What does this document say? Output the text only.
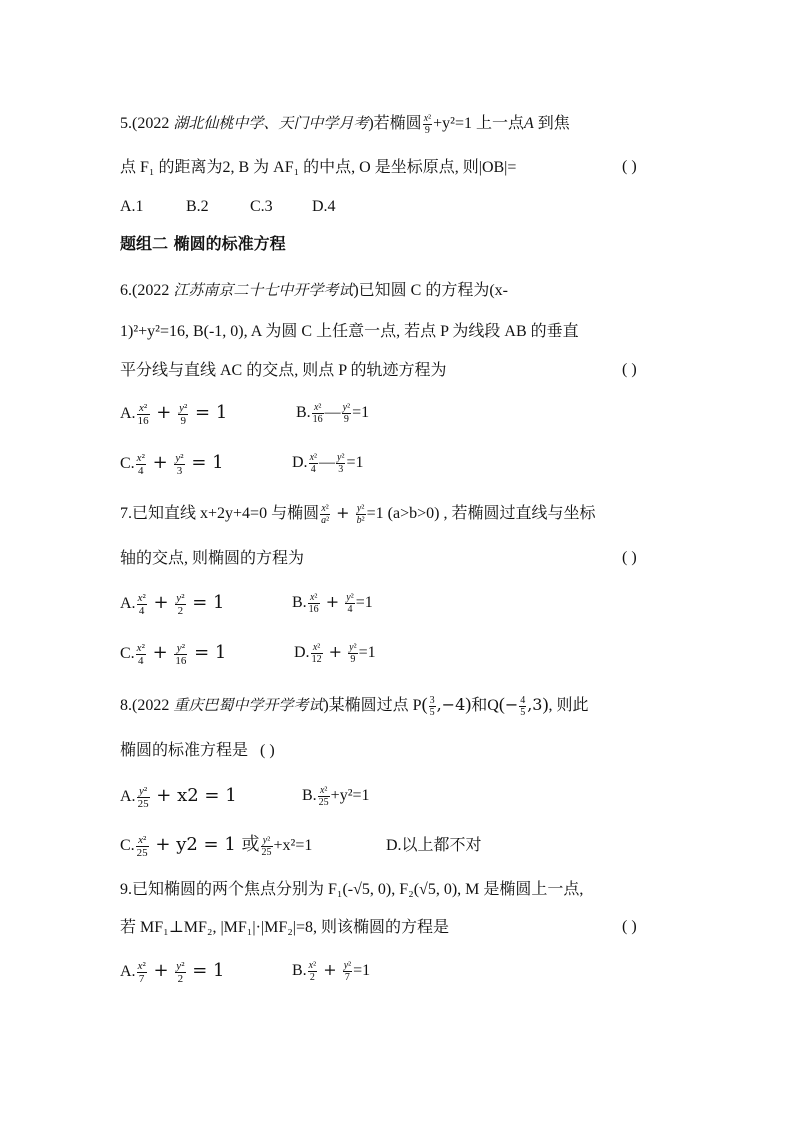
5.(2022 湖北仙桃中学、天门中学月考)若椭圆 $\frac{\text{x²}}{9} +y^2=1$ 上一点A 到焦
点 F₁ 的距离为2, B 为 AF₁ 的中点, O 是坐标原点, 则|OB|=	( )
A.1	B.2	C.3 D.4
题组二 椭圆的标准方程
6.(2022 江苏南京二十七中开学考试)已知圆 C 的方程为(x-
1)²+y²=16, B(-1, 0), A 为圆 C 上任意一点, 若点 P 为线段 AB 的垂直
平分线与直线 AC 的交点, 则点 P 的轨迹方程为	( )
A. $\frac{\text{x²}}{16} + \frac{\text{y²}}{9} = 1$	B. $\frac{\text{x²}}{16}$ — $\frac{\text{y²}}{9} =1$
C. $\frac{\text{x²}}{4} + \frac{\text{y²}}{3} = 1$	D. $\frac{\text{x²}}{4}$ — $\frac{\text{y²}}{3} =1$
7.已知直线 x+2y+4=0 与椭圆 $\frac{\text{x²}}{\text{a²}} + \frac{\text{y²}}{\text{b²}} =1$ (a>b>0) , 若椭圆过直线与坐标
轴的交点, 则椭圆的方程为	( )
A. $\frac{\text{x²}}{4} + \frac{\text{y²}}{2} = 1$	B. $\frac{\text{x²}}{16} + \frac{\text{y²}}{4} =1$
C. $\frac{\text{x²}}{4} + \frac{\text{y²}}{16} = 1$	D. $\frac{\text{x²}}{12} + \frac{\text{y²}}{9} =1$
8.(2022 重庆巴蜀中学开学考试)某椭圆过点 $P( \frac{3}{5} ,-4)$和$Q(- \frac{4}{5} ,3)$, 则此
椭圆的标准方程是 ( )
A. $\frac{\text{y²}}{25} + x2 = 1$	B. $\frac{\text{x²}}{25} +y^2=1$
C. $\frac{\text{x²}}{25} + y2 = 1$ 或 $\frac{\text{y²}}{25} +x^2=1$	D.以上都不对
9.已知椭圆的两个焦点分别为 F₁(-√5, 0), F₂(√5, 0), M 是椭圆上一点,
若 MF₁⊥MF₂, |MF₁|·|MF₂|=8, 则该椭圆的方程是	( )
A. $\frac{\text{x²}}{7} + \frac{\text{y²}}{2} = 1$	B. $\frac{\text{x²}}{2} + \frac{\text{y²}}{7} =1$
